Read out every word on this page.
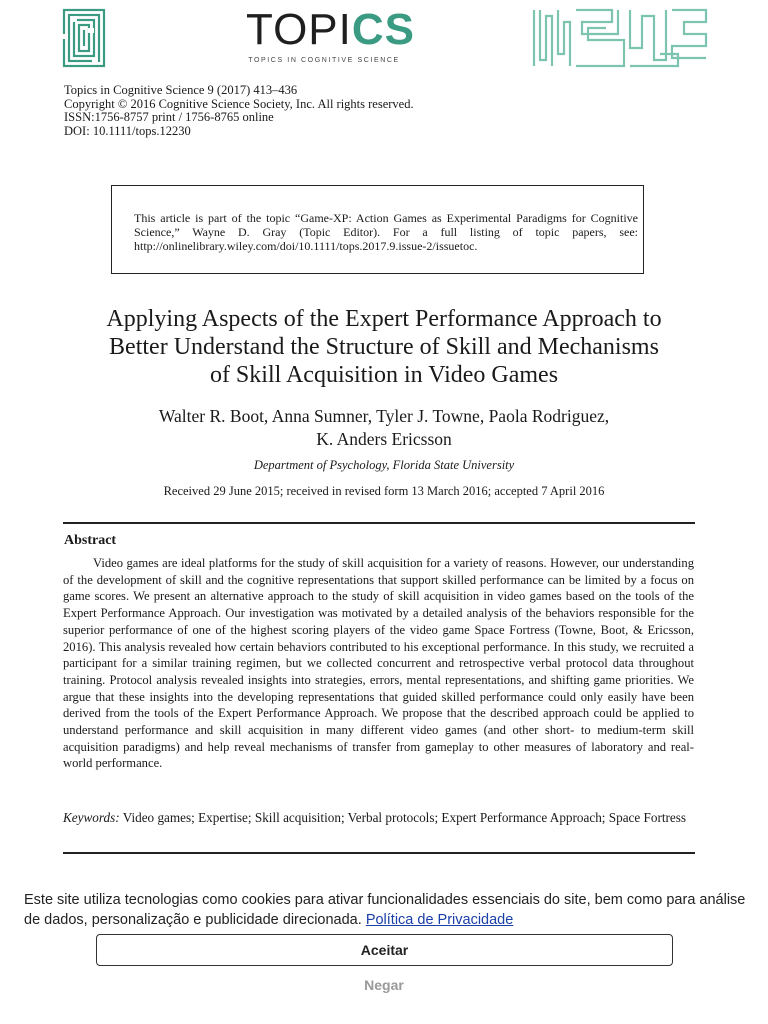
TOPICS
TOPICS IN COGNITIVE SCIENCE
Topics in Cognitive Science 9 (2017) 413–436
Copyright © 2016 Cognitive Science Society, Inc. All rights reserved.
ISSN:1756-8757 print / 1756-8765 online
DOI: 10.1111/tops.12230

This article is part of the topic “Game-XP: Action Games as Experimental Paradigms for Cognitive Science,” Wayne D. Gray (Topic Editor). For a full listing of topic papers, see: http://onlinelibrary.wiley.com/doi/10.1111/tops.2017.9.issue-2/issuetoc.

Applying Aspects of the Expert Performance Approach to
Better Understand the Structure of Skill and Mechanisms
of Skill Acquisition in Video Games
Walter R. Boot, Anna Sumner, Tyler J. Towne, Paola Rodriguez,
K. Anders Ericsson
Department of Psychology, Florida State University
Received 29 June 2015; received in revised form 13 March 2016; accepted 7 April 2016
Abstract

Video games are ideal platforms for the study of skill acquisition for a variety of reasons. However, our understanding of the development of skill and the cognitive representations that support skilled performance can be limited by a focus on game scores. We present an alternative approach to the study of skill acquisition in video games based on the tools of the Expert Performance Approach. Our investigation was motivated by a detailed analysis of the behaviors responsible for the superior performance of one of the highest scoring players of the video game Space Fortress (Towne, Boot, & Ericsson, 2016). This analysis revealed how certain behaviors contributed to his exceptional performance. In this study, we recruited a participant for a similar training regimen, but we collected concurrent and retrospective verbal protocol data throughout training. Protocol analysis revealed insights into strategies, errors, mental representations, and shifting game priorities. We argue that these insights into the developing representations that guided skilled performance could only easily have been derived from the tools of the Expert Performance Approach. We propose that the described approach could be applied to understand performance and skill acquisition in many different video games (and other short- to medium-term skill acquisition paradigms) and help reveal mechanisms of transfer from gameplay to other measures of laboratory and real-world performance.

Keywords: Video games; Expertise; Skill acquisition; Verbal protocols; Expert Performance Approach; Space Fortress
Este site utiliza tecnologias como cookies para ativar funcionalidades essenciais do site, bem como para análise de dados, personalização e publicidade direcionada. Política de Privacidade
Aceitar
Negar
